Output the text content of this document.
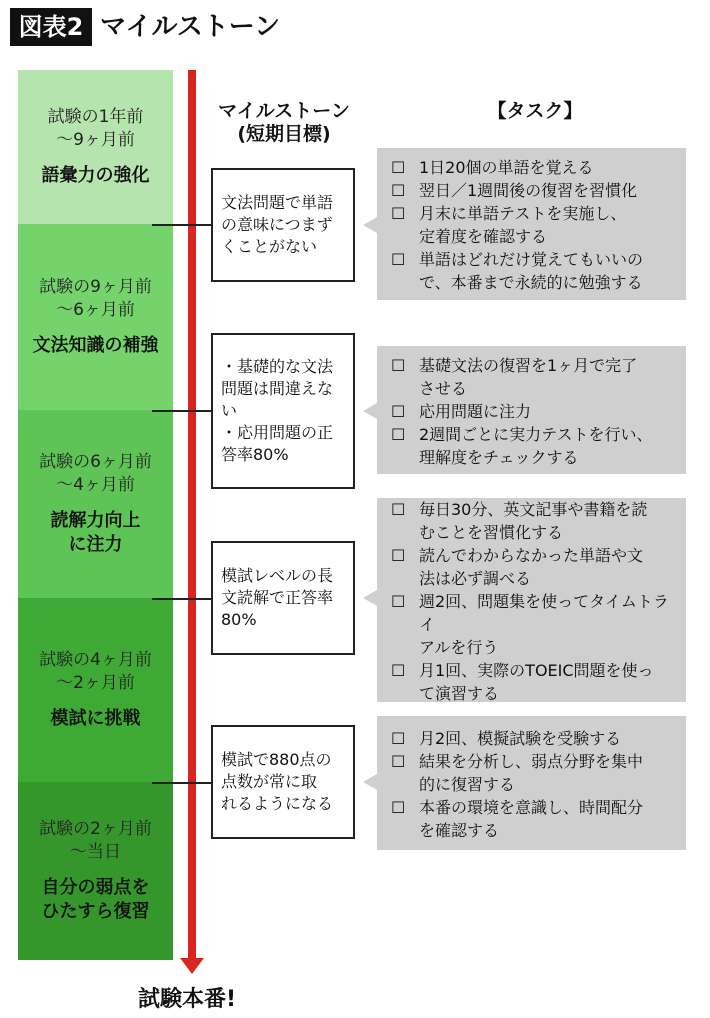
図表2 マイルストーン
試験の1年前
〜9ヶ月前
語彙力の強化
試験の9ヶ月前
〜6ヶ月前
文法知識の補強
試験の6ヶ月前
〜4ヶ月前
読解力向上
に注力
試験の4ヶ月前
〜2ヶ月前
模試に挑戦
試験の2ヶ月前
〜当日
自分の弱点を
ひたすら復習
試験本番!
マイルストーン
(短期目標)
【タスク】
文法問題で単語
の意味につまず
くことがない
・基礎的な文法
問題は間違えな
い
・応用問題の正
答率80%
模試レベルの長
文読解で正答率
80%
模試で880点の
点数が常に取
れるようになる
☐ 1日20個の単語を覚える
☐ 翌日／1週間後の復習を習慣化
☐ 月末に単語テストを実施し、
定着度を確認する
☐ 単語はどれだけ覚えてもいいの
で、本番まで永続的に勉強する
☐ 基礎文法の復習を1ヶ月で完了
させる
☐ 応用問題に注力
☐ 2週間ごとに実力テストを行い、
理解度をチェックする
☐ 毎日30分、英文記事や書籍を読
むことを習慣化する
☐ 読んでわからなかった単語や文
法は必ず調べる
☐ 週2回、問題集を使ってタイムトライ
アルを行う
☐ 月1回、実際のTOEIC問題を使っ
て演習する
☐ 月2回、模擬試験を受験する
☐ 結果を分析し、弱点分野を集中
的に復習する
☐ 本番の環境を意識し、時間配分
を確認する
